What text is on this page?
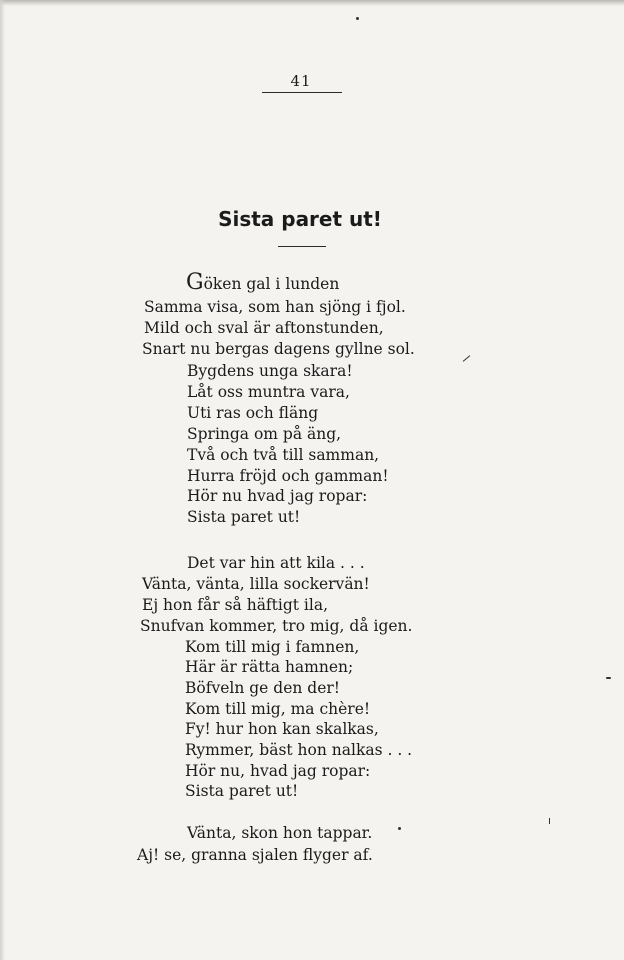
41
Sista paret ut!
Göken gal i lunden
Samma visa, som han sjöng i fjol.
Mild och sval är aftonstunden,
Snart nu bergas dagens gyllne sol.
Bygdens unga skara!
Låt oss muntra vara,
Uti ras och fläng
Springa om på äng,
Två och två till samman,
Hurra fröjd och gamman!
Hör nu hvad jag ropar:
Sista paret ut!
Det var hin att kila . . .
Vänta, vänta, lilla sockervän!
Ej hon får så häftigt ila,
Snufvan kommer, tro mig, då igen.
Kom till mig i famnen,
Här är rätta hamnen;
Böfveln ge den der!
Kom till mig, ma chère!
Fy! hur hon kan skalkas,
Rymmer, bäst hon nalkas . . .
Hör nu, hvad jag ropar:
Sista paret ut!
Vänta, skon hon tappar.
Aj! se, granna sjalen flyger af.
